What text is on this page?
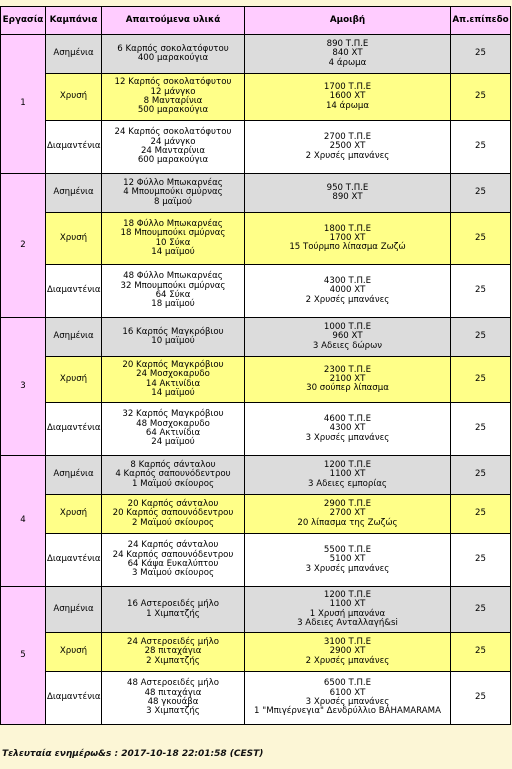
Εργασία	Καμπάνια	Απαιτούμενα υλικά	Αμοιβή	Απ.επίπεδο
1	Ασημένια	6 Καρπός σοκολατόφυτου
400 μαρακούγια	890 Τ.Π.Ε
840 ΧΤ
4 άρωμα	25
	Χρυσή	12 Καρπός σοκολατόφυτου
12 μάνγκο
8 Μανταρίνια
500 μαρακούγια	1700 Τ.Π.Ε
1600 ΧΤ
14 άρωμα	25
	Διαμαντένια	24 Καρπός σοκολατόφυτου
24 μάνγκο
24 Μανταρίνια
600 μαρακούγια	2700 Τ.Π.Ε
2500 ΧΤ
2 Χρυσές μπανάνες	25
2	Ασημένια	12 Φύλλο Μπωκαρνέας
4 Μπουμπούκι σμύρνας
8 μαϊμού	950 Τ.Π.Ε
890 ΧΤ	25
	Χρυσή	18 Φύλλο Μπωκαρνέας
18 Μπουμπούκι σμύρνας
10 Σύκα
14 μαϊμού	1800 Τ.Π.Ε
1700 ΧΤ
15 Τούρμπο λίπασμα Ζωζώ	25
	Διαμαντένια	48 Φύλλο Μπωκαρνέας
32 Μπουμπούκι σμύρνας
64 Σύκα
18 μαϊμού	4300 Τ.Π.Ε
4000 ΧΤ
2 Χρυσές μπανάνες	25
3	Ασημένια	16 Καρπός Μαγκρόβιου
10 μαϊμού	1000 Τ.Π.Ε
960 ΧΤ
3 Αδειες δώρων	25
	Χρυσή	20 Καρπός Μαγκρόβιου
24 Μοσχοκαρυδο
14 Ακτινίδια
14 μαϊμού	2300 Τ.Π.Ε
2100 ΧΤ
30 σούπερ λίπασμα	25
	Διαμαντένια	32 Καρπός Μαγκρόβιου
48 Μοσχοκαρυδο
64 Ακτινίδια
24 μαϊμού	4600 Τ.Π.Ε
4300 ΧΤ
3 Χρυσές μπανάνες	25
4	Ασημένια	8 Καρπός σάνταλου
4 Καρπός σαπουνόδεντρου
1 Μαϊμού σκίουρος	1200 Τ.Π.Ε
1100 ΧΤ
3 Αδειες εμπορίας	25
	Χρυσή	20 Καρπός σάνταλου
20 Καρπός σαπουνόδεντρου
2 Μαϊμού σκίουρος	2900 Τ.Π.Ε
2700 ΧΤ
20 λίπασμα της Ζωζώς	25
	Διαμαντένια	24 Καρπός σάνταλου
24 Καρπός σαπουνόδεντρου
64 Κάψα Ευκαλύπτου
3 Μαϊμού σκίουρος	5500 Τ.Π.Ε
5100 ΧΤ
3 Χρυσές μπανάνες	25
5	Ασημένια	16 Αστεροειδές μήλο
1 Χιμπατζής	1200 Τ.Π.Ε
1100 ΧΤ
1 Χρυσή μπανάνα
3 Αδειες Ανταλλαγή&si	25
	Χρυσή	24 Αστεροειδές μήλο
28 πιταχάγια
2 Χιμπατζής	3100 Τ.Π.Ε
2900 ΧΤ
2 Χρυσές μπανάνες	25
	Διαμαντένια	48 Αστεροειδές μήλο
48 πιταχάγια
48 γκουάβα
3 Χιμπατζής	6500 Τ.Π.Ε
6100 ΧΤ
3 Χρυσές μπανάνες
1 "Μπιγέρνεγια" Δενδρύλλιο BAHAMARAMA	25
Τελευταία ενημέρω&s : 2017-10-18 22:01:58 (CEST)
